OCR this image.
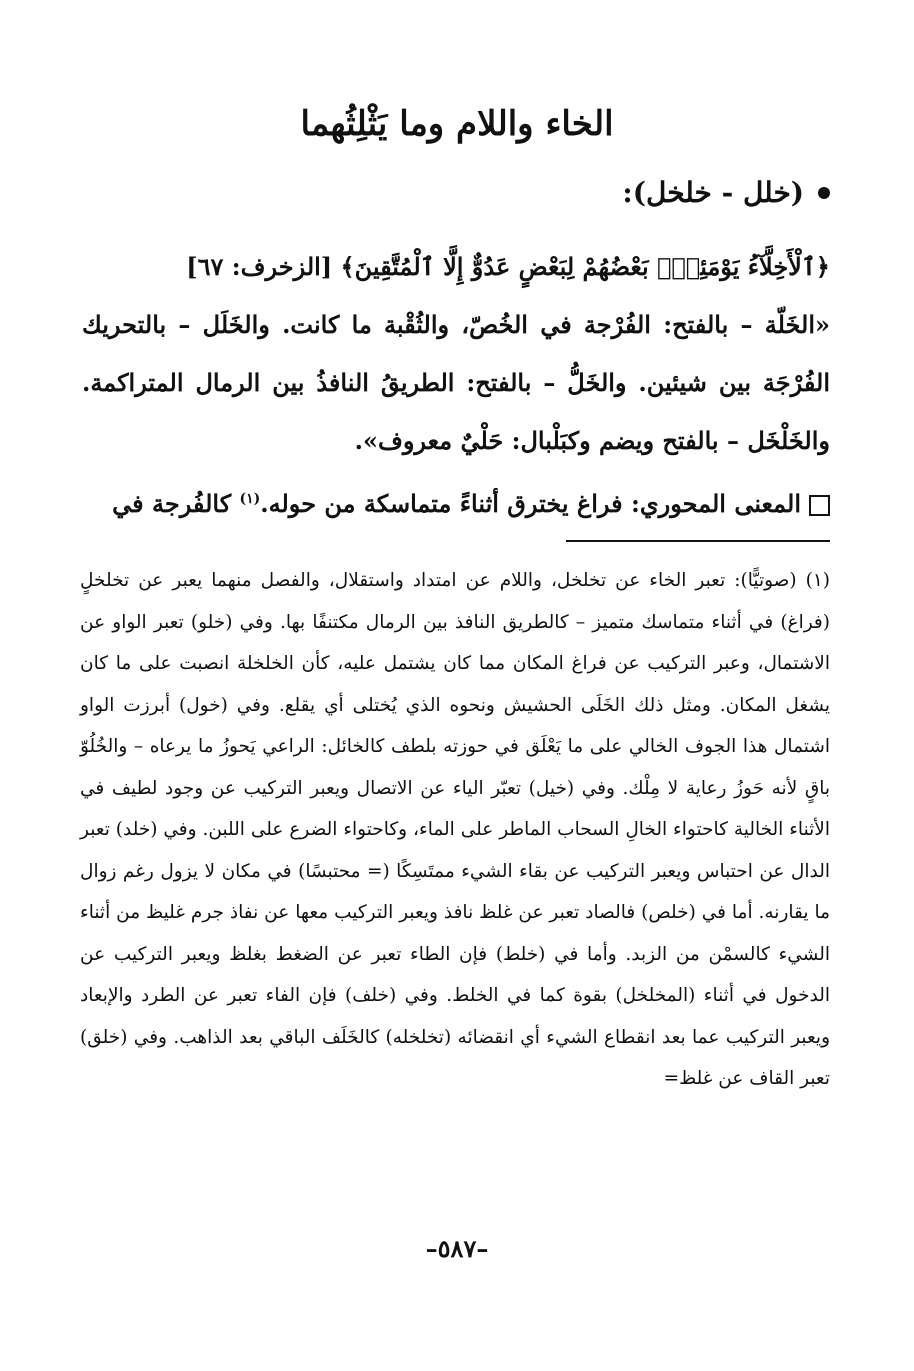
الخاء واللام وما يَثْلِثُهما
(خلل - خلخل):

﴿ٱلْأَخِلَّآءُ يَوْمَئِذٍۭ بَعْضُهُمْ لِبَعْضٍ عَدُوٌّ إِلَّا ٱلْمُتَّقِينَ﴾ [الزخرف: ٦٧]

«الخَلّة – بالفتح: الفُرْجة في الخُصّ، والثُقْبة ما كانت. والخَلَل – بالتحريك الفُرْجَة بين شيئين. والخَلُّ – بالفتح: الطريقُ النافذُ بين الرمال المتراكمة. والخَلْخَل – بالفتح ويضم وكبَلْبال: حَلْيٌ معروف».

المعنى المحوري: فراغ يخترق أثناءً متماسكة من حوله.$^{(١)}$ كالفُرجة في

(١) (صوتيًّا): تعبر الخاء عن تخلخل، واللام عن امتداد واستقلال، والفصل منهما يعبر عن تخلخلٍ (فراغ) في أثناء متماسك متميز – كالطريق النافذ بين الرمال مكتنفًا بها. وفي (خلو) تعبر الواو عن الاشتمال، وعبر التركيب عن فراغ المكان مما كان يشتمل عليه، كأن الخلخلة انصبت على ما كان يشغل المكان. ومثل ذلك الخَلَى الحشيش ونحوه الذي يُختلى أي يقلع. وفي (خول) أبرزت الواو اشتمال هذا الجوف الخالي على ما يَعْلَق في حوزته بلطف كالخائل: الراعي يَحوزُ ما يرعاه – والخُلُوّ باقٍ لأنه حَوزُ رعاية لا مِلْك. وفي (خيل) تعبّر الياء عن الاتصال ويعبر التركيب عن وجود لطيف في الأثناء الخالية كاحتواء الخالِ السحاب الماطر على الماء، وكاحتواء الضرع على اللبن. وفي (خلد) تعبر الدال عن احتباس ويعبر التركيب عن بقاء الشيء ممتَسِكًا (= محتبسًا) في مكان لا يزول رغم زوال ما يقارنه. أما في (خلص) فالصاد تعبر عن غلظ نافذ ويعبر التركيب معها عن نفاذ جرم غليظ من أثناء الشيء كالسمْن من الزبد. وأما في (خلط) فإن الطاء تعبر عن الضغط بغلظ ويعبر التركيب عن الدخول في أثناء (المخلخل) بقوة كما في الخلط. وفي (خلف) فإن الفاء تعبر عن الطرد والإبعاد ويعبر التركيب عما بعد انقطاع الشيء أي انقضائه (تخلخله) كالخَلَف الباقي بعد الذاهب. وفي (خلق) تعبر القاف عن غلظ=

–٥٨٧–
